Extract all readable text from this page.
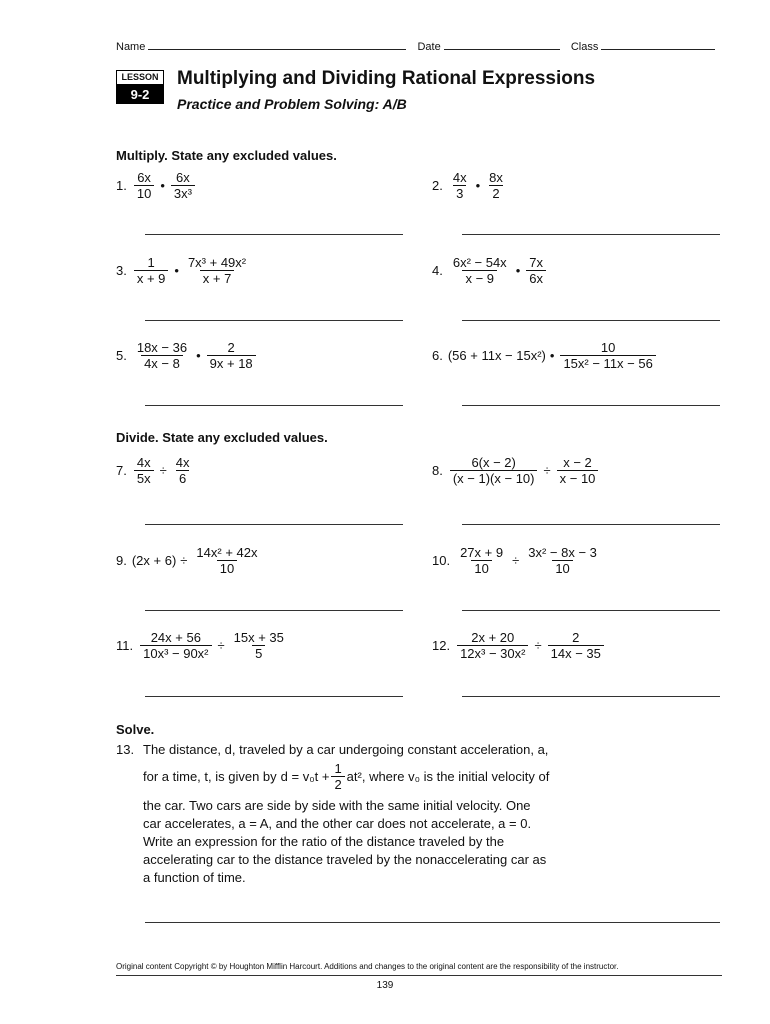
Name	Date	Class
LESSON
9-2
Multiplying and Dividing Rational Expressions
Practice and Problem Solving: A/B
Multiply. State any excluded values.
Divide. State any excluded values.
Solve.
1. $\frac{6x}{10}$ • $\frac{6x}{\text{3x³}}$	2. $\frac{4x}{3}$ • $\frac{8x}{2}$
3. $\frac{1}{x + 9}$ • $\frac{\text{7x³ + 49x²}}{x + 7}$	4. $\frac{\text{6x² − 54x}}{x - 9}$ • $\frac{7x}{6x}$
5. $\frac{18x - 36}{4x - 8}$ • $\frac{2}{9x + 18}$	6. (56 + 11x − 15x²) • $\frac{10}{\text{15x² − 11x − 56}}$
7. $\frac{4x}{5x} \div \frac{4x}{6}$	8. $\frac{6(x - 2)}{(x - 1)(x - 10)} \div \frac{x - 2}{x - 10}$
9. $(2x + 6) \div \frac{\text{14x² + 42x}}{10}$	10. $\frac{27x + 9}{10} \div \frac{\text{3x² − 8x − 3}}{10}$
11. $\frac{24x + 56}{\text{10x³ − 90x²}} \div \frac{15x + 35}{5}$	12. $\frac{2x + 20}{\text{12x³ − 30x²}} \div \frac{2}{14x - 35}$
13. The distance, d, traveled by a car undergoing constant acceleration, a,
for a time, t, is given by $d = v_0t + \frac{1}{2} at^2$ , where v₀ is the initial velocity of
the car. Two cars are side by side with the same initial velocity. One
car accelerates, a = A, and the other car does not accelerate, a = 0.
Write an expression for the ratio of the distance traveled by the
accelerating car to the distance traveled by the nonaccelerating car as
a function of time.
Original content Copyright © by Houghton Mifflin Harcourt. Additions and changes to the original content are the responsibility of the instructor.
139
